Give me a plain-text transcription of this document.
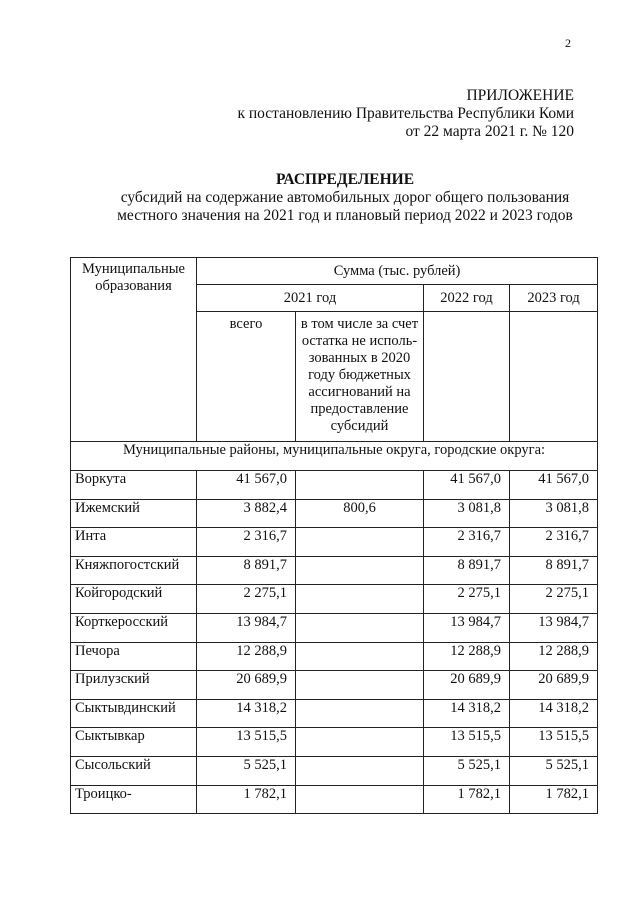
2
ПРИЛОЖЕНИЕ
к постановлению Правительства Республики Коми
от 22 марта 2021 г. № 120
РАСПРЕДЕЛЕНИЕ
субсидий на содержание автомобильных дорог общего пользования
местного значения на 2021 год и плановый период 2022 и 2023 годов
Муниципальные образования	Сумма (тыс. рублей)			
	2021 год		2022 год	2023 год
	всего	в том числе за счет остатка не исполь-зованных в 2020 году бюджетных ассигнований на предоставление субсидий		
Муниципальные районы, муниципальные округа, городские округа:				
Воркута	41 567,0		41 567,0	41 567,0
Ижемский	3 882,4	800,6	3 081,8	3 081,8
Инта	2 316,7		2 316,7	2 316,7
Княжпогостский	8 891,7		8 891,7	8 891,7
Койгородский	2 275,1		2 275,1	2 275,1
Корткеросский	13 984,7		13 984,7	13 984,7
Печора	12 288,9		12 288,9	12 288,9
Прилузский	20 689,9		20 689,9	20 689,9
Сыктывдинский	14 318,2		14 318,2	14 318,2
Сыктывкар	13 515,5		13 515,5	13 515,5
Сысольский	5 525,1		5 525,1	5 525,1
Троицко-	1 782,1		1 782,1	1 782,1
